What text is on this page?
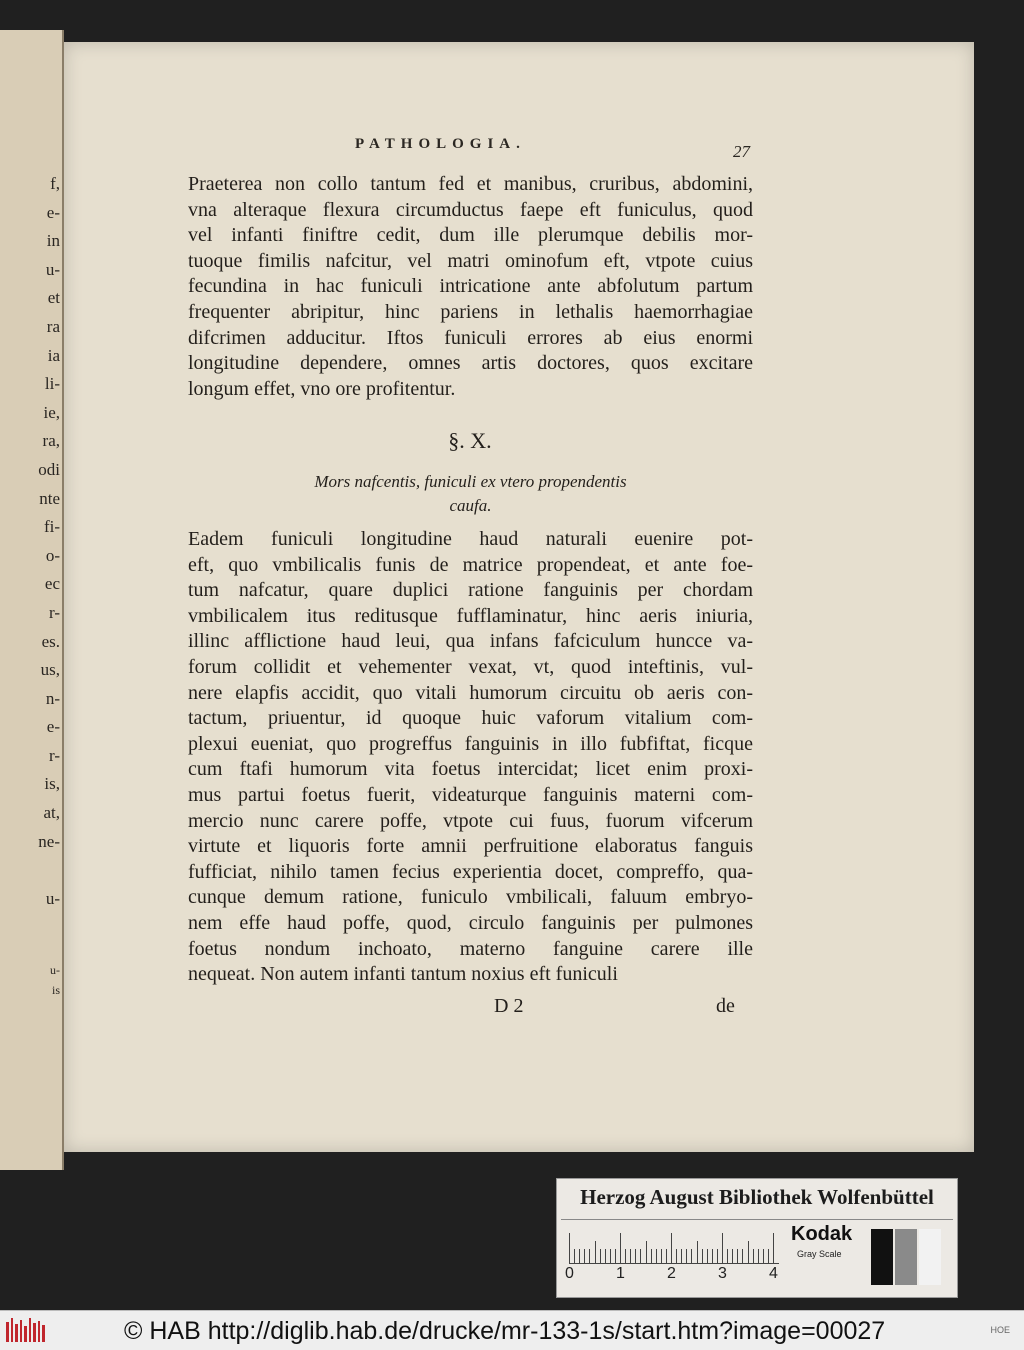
f,
e-
in
u-
et
ra
ia
li-
ie,
ra,
odi
nte
fi-
o-
ec
r-
es.
us,
n-
e-
r-
is,
at,
ne-
u-
u-
is
PATHOLOGIA.	27
Praeterea non collo tantum fed et manibus, cruribus, abdomini,
vna alteraque flexura circumductus faepe eft funiculus, quod
vel infanti finiftre cedit, dum ille plerumque debilis mor-
tuoque fimilis nafcitur, vel matri ominofum eft, vtpote cuius
fecundina in hac funiculi intricatione ante abfolutum partum
frequenter abripitur, hinc pariens in lethalis haemorrhagiae
difcrimen adducitur. Iftos funiculi errores ab eius enormi
longitudine dependere, omnes artis doctores, quos excitare
longum effet, vno ore profitentur.
§. X.
Mors nafcentis, funiculi ex vtero propendentis
caufa.
Eadem funiculi longitudine haud naturali euenire pot-
eft, quo vmbilicalis funis de matrice propendeat, et ante foe-
tum nafcatur, quare duplici ratione fanguinis per chordam
vmbilicalem itus reditusque fufflaminatur, hinc aeris iniuria,
illinc afflictione haud leui, qua infans fafciculum huncce va-
forum collidit et vehementer vexat, vt, quod inteftinis, vul-
nere elapfis accidit, quo vitali humorum circuitu ob aeris con-
tactum, priuentur, id quoque huic vaforum vitalium com-
plexui eueniat, quo progreffus fanguinis in illo fubfiftat, ficque
cum ftafi humorum vita foetus intercidat; licet enim proxi-
mus partui foetus fuerit, videaturque fanguinis materni com-
mercio nunc carere poffe, vtpote cui fuus, fuorum vifcerum
virtute et liquoris forte amnii perfruitione elaboratus fanguis
fufficiat, nihilo tamen fecius experientia docet, compreffo, qua-
cunque demum ratione, funiculo vmbilicali, faluum embryo-
nem effe haud poffe, quod, circulo fanguinis per pulmones
foetus nondum inchoato, materno fanguine carere ille
nequeat. Non autem infanti tantum noxius eft funiculi
D 2	de
Herzog August Bibliothek Wolfenbüttel
0	1	2	3	4
Kodak
Gray Scale
© HAB http://diglib.hab.de/drucke/mr-133-1s/start.htm?image=00027	HOE
